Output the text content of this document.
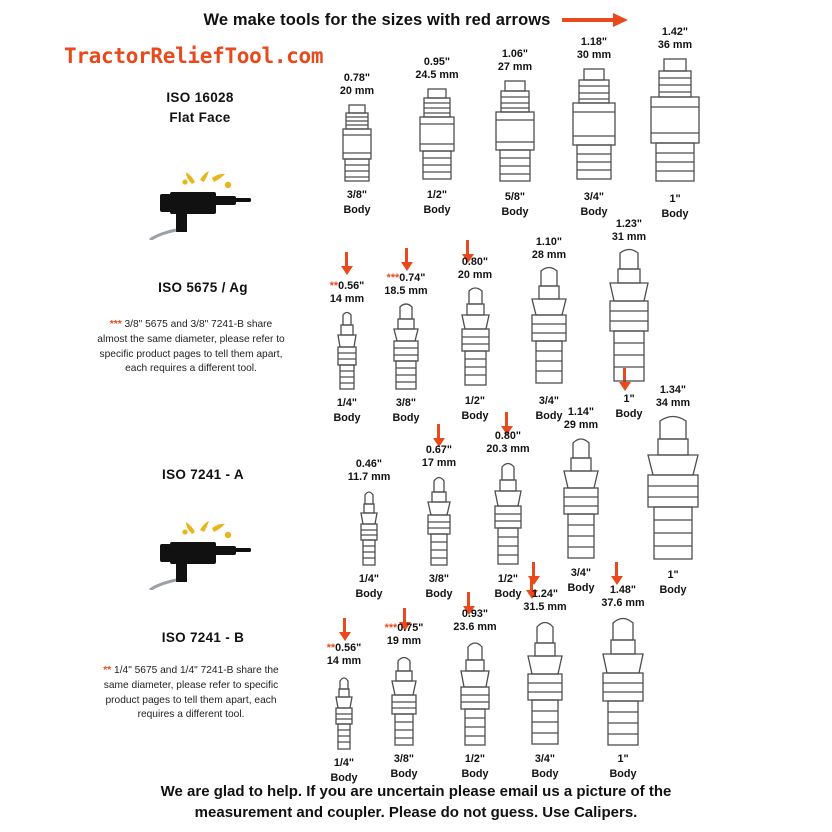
We make tools for the sizes with red arrows
TractorReliefTool.com
ISO 16028
Flat Face
ISO 5675 / Ag
*** 3/8" 5675 and 3/8" 7241-B share almost the same diameter, please refer to specific product pages to tell them apart, each requires a different tool.
ISO 7241 - A
ISO 7241 - B
** 1/4" 5675 and 1/4" 7241-B share the same diameter, please refer to specific product pages to tell them apart, each requires a different tool.
0.78"
20 mm
3/8"
Body
0.95"
24.5 mm
1/2"
Body
1.06"
27 mm
5/8"
Body
1.18"
30 mm
3/4"
Body
1.42"
36 mm
1"
Body
**0.56"
14 mm
1/4"
Body
***0.74"
18.5 mm
3/8"
Body
0.80"
20 mm
1/2"
Body
1.10"
28 mm
3/4"
Body
1.23"
31 mm
1"
Body
0.46"
11.7 mm
1/4"
Body
0.67"
17 mm
3/8"
Body
0.80"
20.3 mm
1/2"
Body
1.14"
29 mm
3/4"
Body
1.34"
34 mm
1"
Body
**0.56"
14 mm
1/4"
Body
***0.75"
19 mm
3/8"
Body
0.93"
23.6 mm
1/2"
Body
1.24"
31.5 mm
3/4"
Body
1.48"
37.6 mm
1"
Body
We are glad to help. If you are uncertain please email us a picture of the
measurement and coupler. Please do not guess. Use Calipers.
